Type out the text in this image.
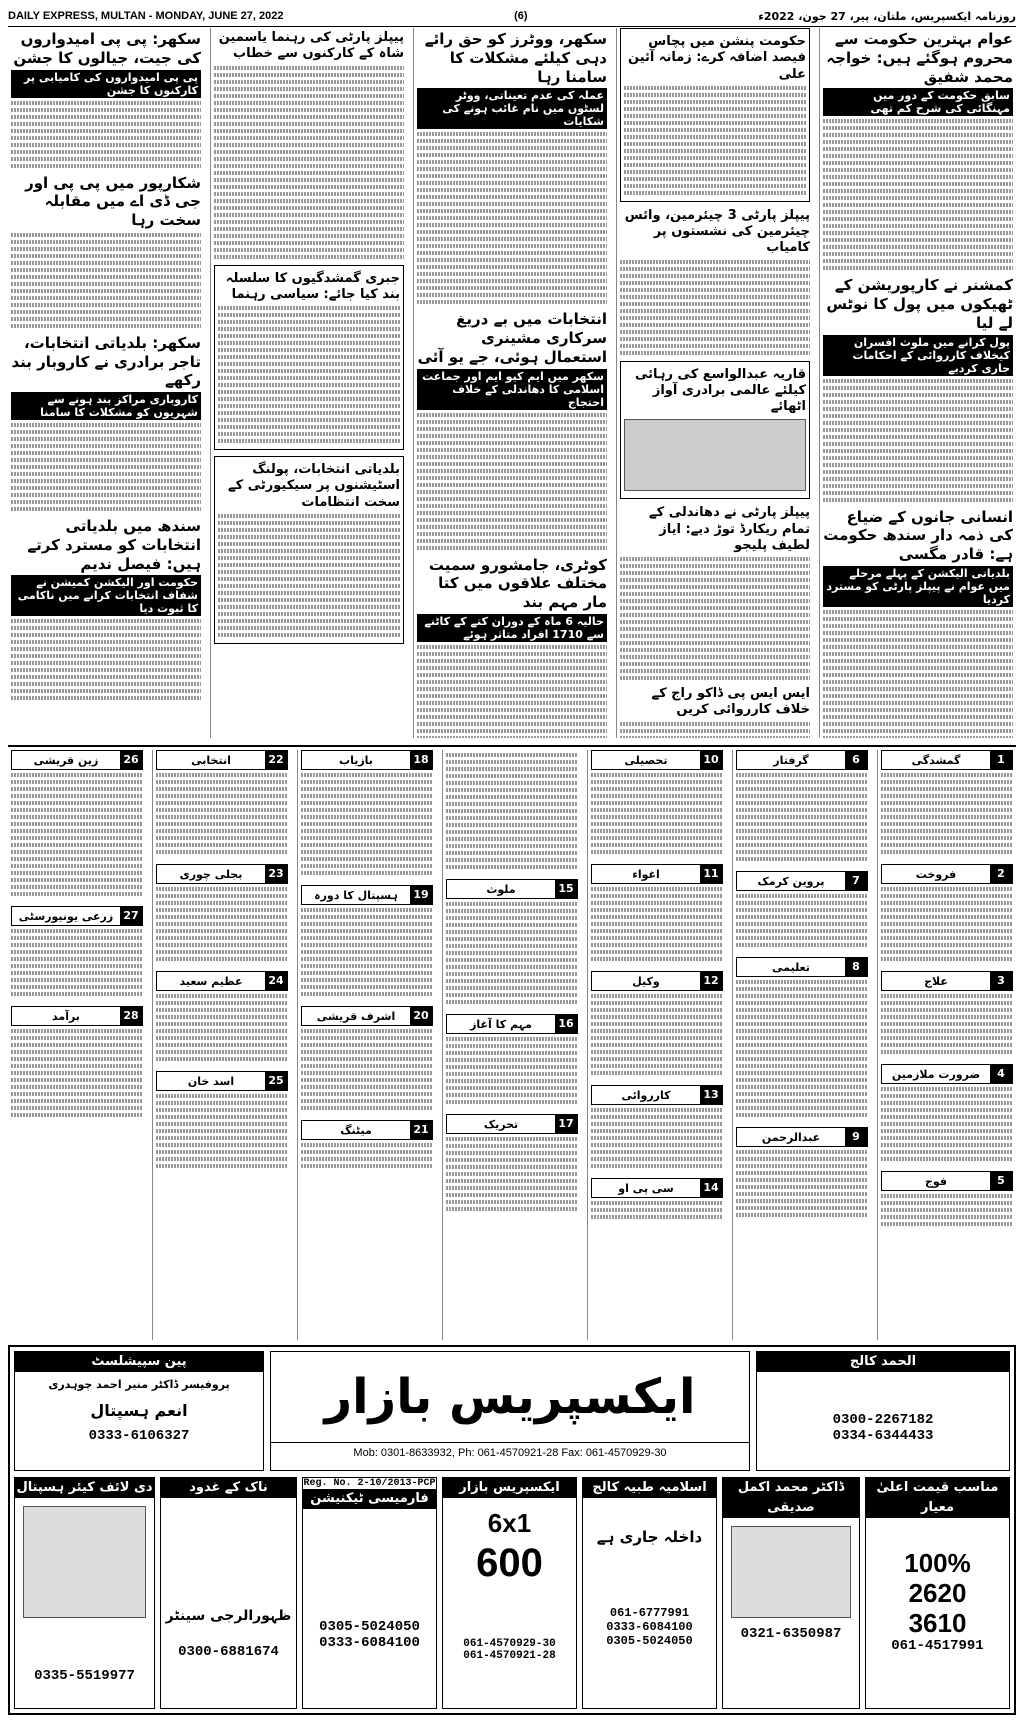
DAILY EXPRESS, MULTAN - MONDAY, JUNE 27, 2022	(6)	روزنامہ ایکسپریس، ملتان، پیر، 27 جون، 2022ء
عوام بہترین حکومت سے محروم ہوگئے ہیں: خواجہ محمد شفیق
سابق حکومت کے دور میں مہنگائی کی شرح کم تھی
کمشنر نے کارپوریشن کے ٹھیکوں میں پول کا نوٹس لے لیا
پول کرانے میں ملوث افسران کیخلاف کارروائی کے احکامات جاری کردیے
انسانی جانوں کے ضیاع کی ذمہ دار سندھ حکومت ہے: قادر مگسی
بلدیاتی الیکشن کے پہلے مرحلے میں عوام نے پیپلز پارٹی کو مسترد کردیا
حکومت پنشن میں پچاس فیصد اضافہ کرے: زمانہ آئین علی
پیپلز پارٹی 3 چیئرمین، وائس چیئرمین کی نشستوں پر کامیاب
قاریہ عبدالواسع کی رہائی کیلئے عالمی برادری آواز اٹھائے
پیپلز پارٹی نے دھاندلی کے تمام ریکارڈ توڑ دیے: ایاز لطیف پلیجو
ایس ایس پی ڈاکو راج کے خلاف کارروائی کریں
سکھر، ووٹرز کو حق رائے دہی کیلئے مشکلات کا سامنا رہا
عملہ کی عدم تعیناتی، ووٹر لسٹوں میں نام غائب ہونے کی شکایات
انتخابات میں بے دریغ سرکاری مشینری استعمال ہوئی، جے یو آئی
سکھر میں ایم کیو ایم اور جماعت اسلامی کا دھاندلی کے خلاف احتجاج
کوٹری، جامشورو سمیت مختلف علاقوں میں کتا مار مہم بند
حالیہ 6 ماہ کے دوران کتے کے کاٹنے سے 1710 افراد متاثر ہوئے
پیپلز پارٹی کی رہنما یاسمین شاہ کے کارکنوں سے خطاب
جبری گمشدگیوں کا سلسلہ بند کیا جائے: سیاسی رہنما
بلدیاتی انتخابات، پولنگ اسٹیشنوں پر سیکیورٹی کے سخت انتظامات
سکھر: پی پی امیدواروں کی جیت، جیالوں کا جشن
پی پی امیدواروں کی کامیابی پر کارکنوں کا جشن
شکارپور میں پی پی اور جی ڈی اے میں مقابلہ سخت رہا
سکھر: بلدیاتی انتخابات، تاجر برادری نے کاروبار بند رکھے
کاروباری مراکز بند ہونے سے شہریوں کو مشکلات کا سامنا
سندھ میں بلدیاتی انتخابات کو مسترد کرتے ہیں: فیصل ندیم
حکومت اور الیکشن کمیشن نے شفاف انتخابات کرانے میں ناکامی کا ثبوت دیا
1
گمشدگی
2
فروخت
3
علاج
4
ضرورت ملازمین
5
فوج
6
گرفتار
7
پروین کرمک
8
تعلیمی
9
عبدالرحمن
10
تحصیلی
11
اغواء
12
وکیل
13
کارروائی
14
سی پی او
15
ملوث
16
مہم کا آغاز
17
تحریک
18
بازیاب
19
ہسپتال کا دورہ
20
اشرف قریشی
21
میٹنگ
22
انتخابی
23
بجلی چوری
24
عظیم سعید
25
اسد خان
26
زین قریشی
27
زرعی یونیورسٹی
28
برآمد
پین سپیشلسٹ
پروفیسر ڈاکٹر منیر احمد چوہدری
انعم ہسپتال
0333-6106327
ایکسپریس بازار
Mob: 0301-8633932, Ph: 061-4570921-28 Fax: 061-4570929-30
الحمد کالج
0300-2267182
0334-6344433
مناسب قیمت اعلیٰ معیار
100%
2620
3610
061-4517991
ڈاکٹر محمد اکمل صدیقی
0321-6350987
اسلامیہ طبیہ کالج
داخلہ جاری ہے
061-6777991
0333-6084100
0305-5024050
ایکسپریس بازار
6x1
600
061-4570929-30
061-4570921-28
Reg. No. 2-10/2013-PCP
فارمیسی ٹیکنیشن
0305-5024050
0333-6084100
ناک کے غدود
ظہورالرجی سینٹر
0300-6881674
دی لائف کیئر ہسپتال
0335-5519977
